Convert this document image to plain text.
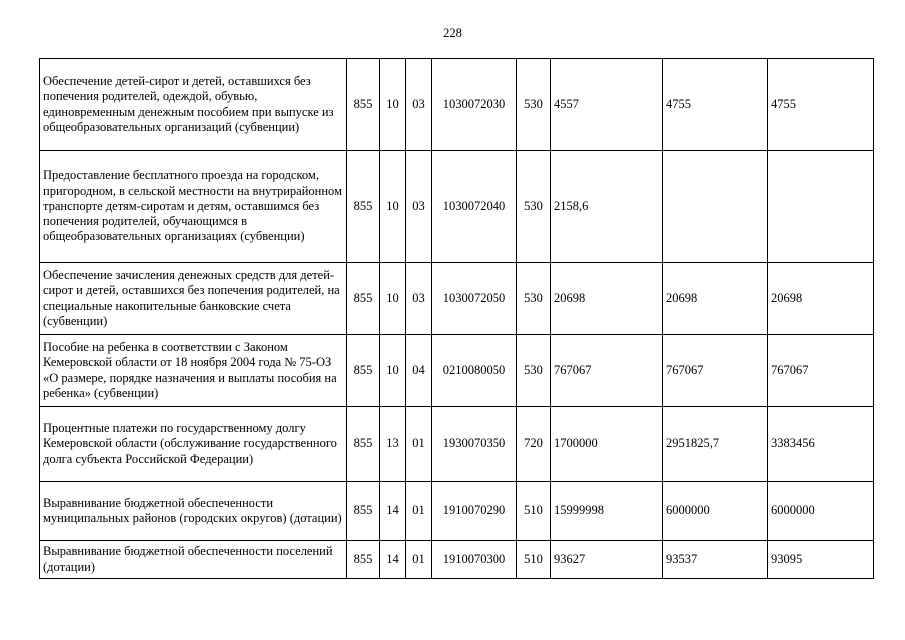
228
Обеспечение детей-сирот и детей, оставшихся без попечения родителей, одеждой, обувью, единовременным денежным пособием при выпуске из общеобразовательных организаций (субвенции)	855	10	03	1030072030	530	4557	4755	4755
Предоставление бесплатного проезда на городском, пригородном, в сельской местности на внутрирайонном транспорте детям-сиротам и детям, оставшимся без попечения родителей, обучающимся в общеобразовательных организациях (субвенции)	855	10	03	1030072040	530	2158,6		
Обеспечение зачисления денежных средств для детей-сирот и детей, оставшихся без попечения родителей, на специальные накопительные банковские счета (субвенции)	855	10	03	1030072050	530	20698	20698	20698
Пособие на ребенка в соответствии с Законом Кемеровской области от 18 ноября 2004 года № 75-ОЗ «О размере, порядке назначения и выплаты пособия на ребенка» (субвенции)	855	10	04	0210080050	530	767067	767067	767067
Процентные платежи по государственному долгу Кемеровской области (обслуживание государственного долга субъекта Российской Федерации)	855	13	01	1930070350	720	1700000	2951825,7	3383456
Выравнивание бюджетной обеспеченности муниципальных районов (городских округов) (дотации)	855	14	01	1910070290	510	15999998	6000000	6000000
Выравнивание бюджетной обеспеченности поселений (дотации)	855	14	01	1910070300	510	93627	93537	93095
